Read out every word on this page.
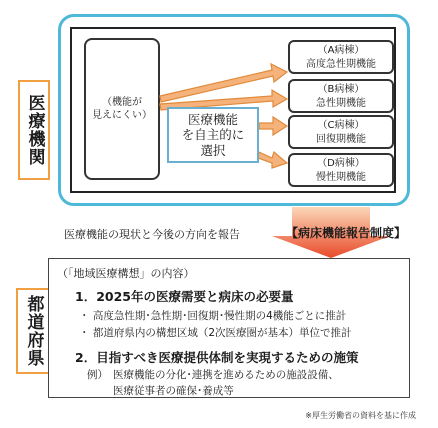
医療機関
都道府県
（機能が
見えにくい）	医療機能
を自主的に
選択
（A病棟）
高度急性期機能
（B病棟）
急性期機能
（C病棟）
回復期機能
（D病棟）
慢性期機能
医療機能の現状と今後の方向を報告	【病床機能報告制度】
（「地域医療構想」の内容）
1．2025年の医療需要と病床の必要量
・ 高度急性期･急性期･回復期･慢性期の4機能ごとに推計
・ 都道府県内の構想区域（2次医療圏が基本）単位で推計
2．目指すべき医療提供体制を実現するための施策
例） 医療機能の分化･連携を進めるための施設設備、
医療従事者の確保･養成等
※厚生労働省の資料を基に作成
